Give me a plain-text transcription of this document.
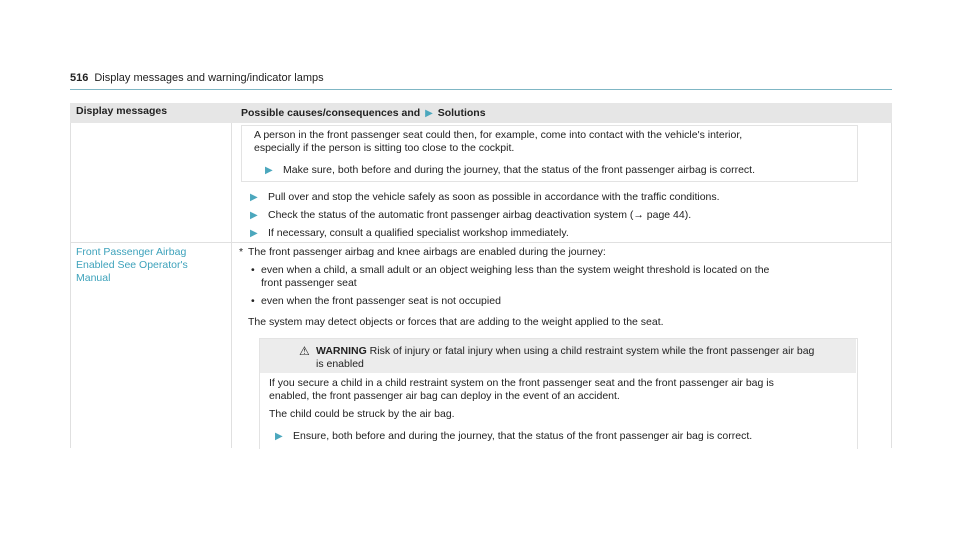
516 Display messages and warning/indicator lamps
Display messages	Possible causes/consequences and ▶ Solutions
A person in the front passenger seat could then, for example, come into contact with the vehicle's interior,
especially if the person is sitting too close to the cockpit.
▶ Make sure, both before and during the journey, that the status of the front passenger airbag is correct.
▶ Pull over and stop the vehicle safely as soon as possible in accordance with the traffic conditions.
▶ Check the status of the automatic front passenger airbag deactivation system (→ page 44).
▶ If necessary, consult a qualified specialist workshop immediately.
Front Passenger Airbag
Enabled See Operator's
Manual
* The front passenger airbag and knee airbags are enabled during the journey:
• even when a child, a small adult or an object weighing less than the system weight threshold is located on the
front passenger seat
• even when the front passenger seat is not occupied
The system may detect objects or forces that are adding to the weight applied to the seat.
⚠ WARNING Risk of injury or fatal injury when using a child restraint system while the front passenger air bag
is enabled
If you secure a child in a child restraint system on the front passenger seat and the front passenger air bag is
enabled, the front passenger air bag can deploy in the event of an accident.
The child could be struck by the air bag.
▶ Ensure, both before and during the journey, that the status of the front passenger air bag is correct.
